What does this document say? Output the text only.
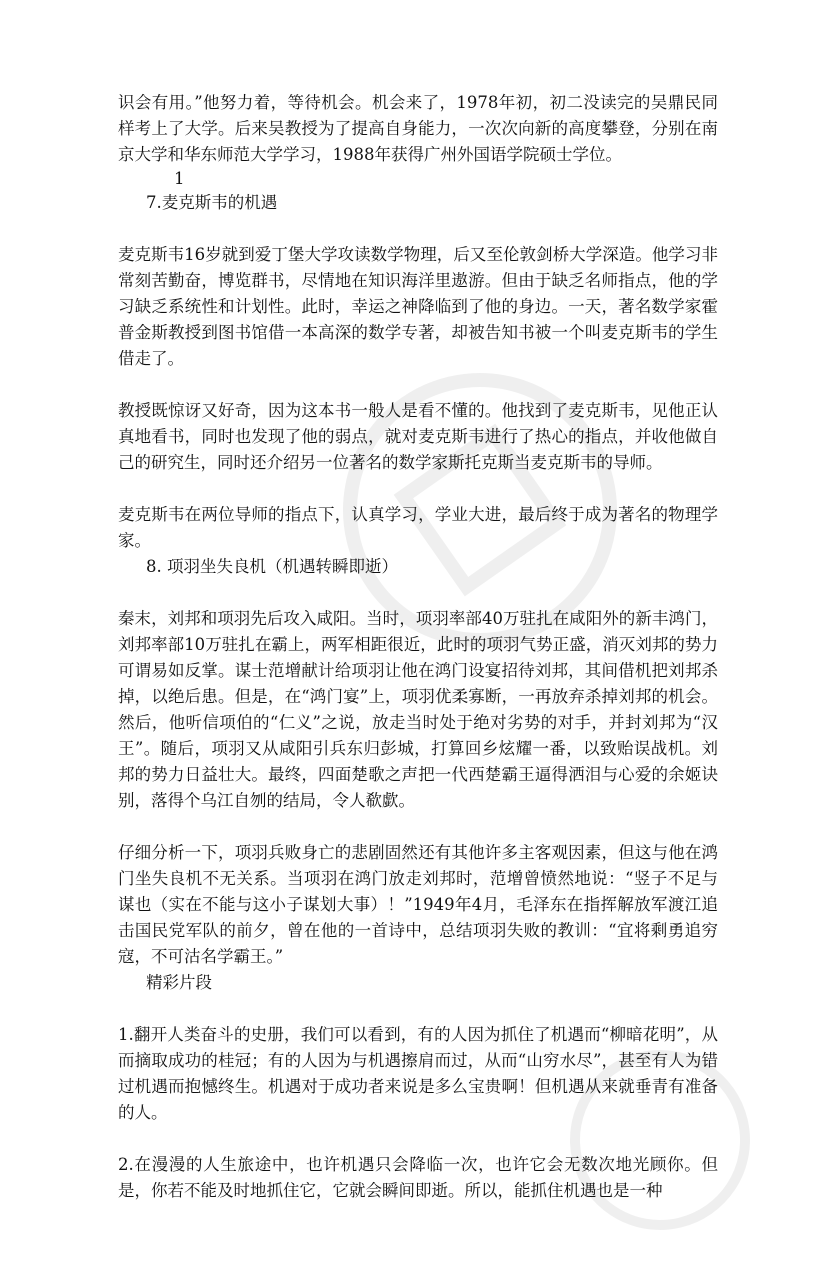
识会有用。”他努力着，等待机会。机会来了，1978年初，初二没读完的吴鼎民同样考上了大学。后来吴教授为了提高自身能力，一次次向新的高度攀登，分别在南京大学和华东师范大学学习，1988年获得广州外国语学院硕士学位。

1

7.麦克斯韦的机遇

麦克斯韦16岁就到爱丁堡大学攻读数学物理，后又至伦敦剑桥大学深造。他学习非常刻苦勤奋，博览群书，尽情地在知识海洋里遨游。但由于缺乏名师指点，他的学习缺乏系统性和计划性。此时，幸运之神降临到了他的身边。一天，著名数学家霍普金斯教授到图书馆借一本高深的数学专著，却被告知书被一个叫麦克斯韦的学生借走了。

教授既惊讶又好奇，因为这本书一般人是看不懂的。他找到了麦克斯韦，见他正认真地看书，同时也发现了他的弱点，就对麦克斯韦进行了热心的指点，并收他做自己的研究生，同时还介绍另一位著名的数学家斯托克斯当麦克斯韦的导师。

麦克斯韦在两位导师的指点下，认真学习，学业大进，最后终于成为著名的物理学家。

8. 项羽坐失良机（机遇转瞬即逝）

秦末，刘邦和项羽先后攻入咸阳。当时，项羽率部40万驻扎在咸阳外的新丰鸿门，刘邦率部10万驻扎在霸上，两军相距很近，此时的项羽气势正盛，消灭刘邦的势力可谓易如反掌。谋士范增献计给项羽让他在鸿门设宴招待刘邦，其间借机把刘邦杀掉，以绝后患。但是，在“鸿门宴”上，项羽优柔寡断，一再放弃杀掉刘邦的机会。然后，他听信项伯的“仁义”之说，放走当时处于绝对劣势的对手，并封刘邦为“汉王”。随后，项羽又从咸阳引兵东归彭城，打算回乡炫耀一番，以致贻误战机。刘邦的势力日益壮大。最终，四面楚歌之声把一代西楚霸王逼得洒泪与心爱的余姬诀别，落得个乌江自刎的结局，令人欷歔。

仔细分析一下，项羽兵败身亡的悲剧固然还有其他许多主客观因素，但这与他在鸿门坐失良机不无关系。当项羽在鸿门放走刘邦时，范增曾愤然地说：“竖子不足与谋也（实在不能与这小子谋划大事）！”1949年4月，毛泽东在指挥解放军渡江追击国民党军队的前夕，曾在他的一首诗中，总结项羽失败的教训：“宜将剩勇追穷寇，不可沽名学霸王。”

精彩片段

1.翻开人类奋斗的史册，我们可以看到，有的人因为抓住了机遇而“柳暗花明”，从而摘取成功的桂冠；有的人因为与机遇擦肩而过，从而“山穷水尽”，甚至有人为错过机遇而抱憾终生。机遇对于成功者来说是多么宝贵啊！但机遇从来就垂青有准备的人。

2.在漫漫的人生旅途中，也许机遇只会降临一次，也许它会无数次地光顾你。但是，你若不能及时地抓住它，它就会瞬间即逝。所以，能抓住机遇也是一种
